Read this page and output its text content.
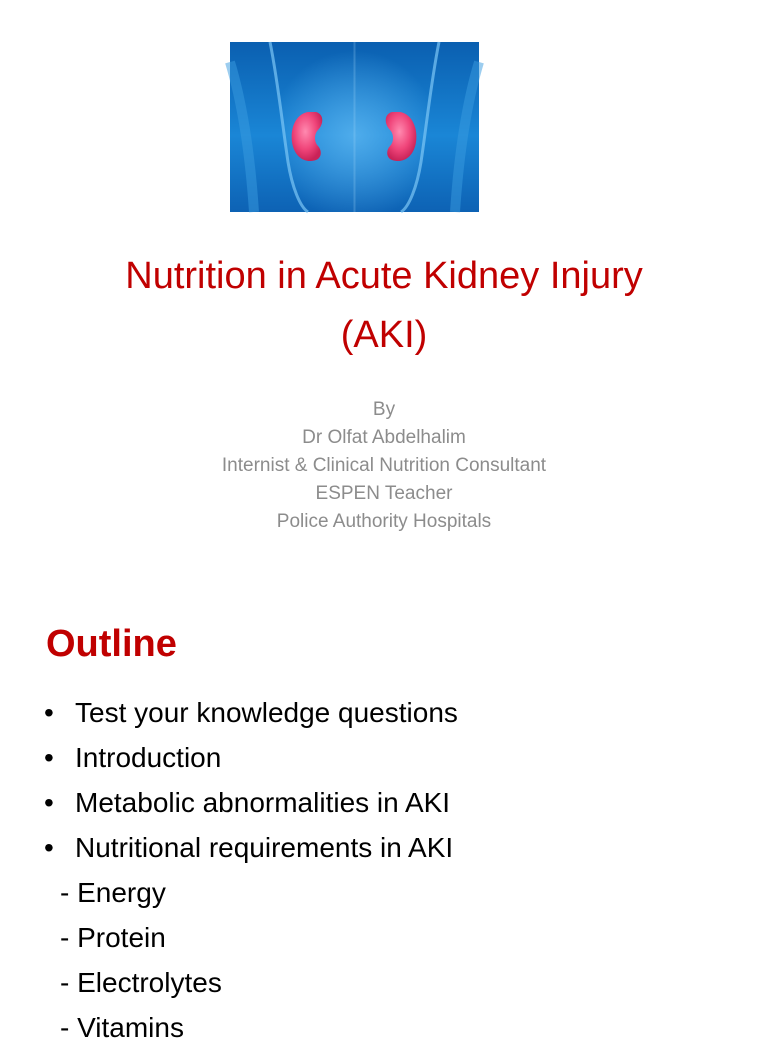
Nutrition in Acute Kidney Injury
(AKI)
By
Dr Olfat Abdelhalim
Internist & Clinical Nutrition Consultant
ESPEN Teacher
Police Authority Hospitals
Outline
• Test your knowledge questions
• Introduction
• Metabolic abnormalities in AKI
• Nutritional requirements in AKI
- Energy
- Protein
- Electrolytes
- Vitamins
